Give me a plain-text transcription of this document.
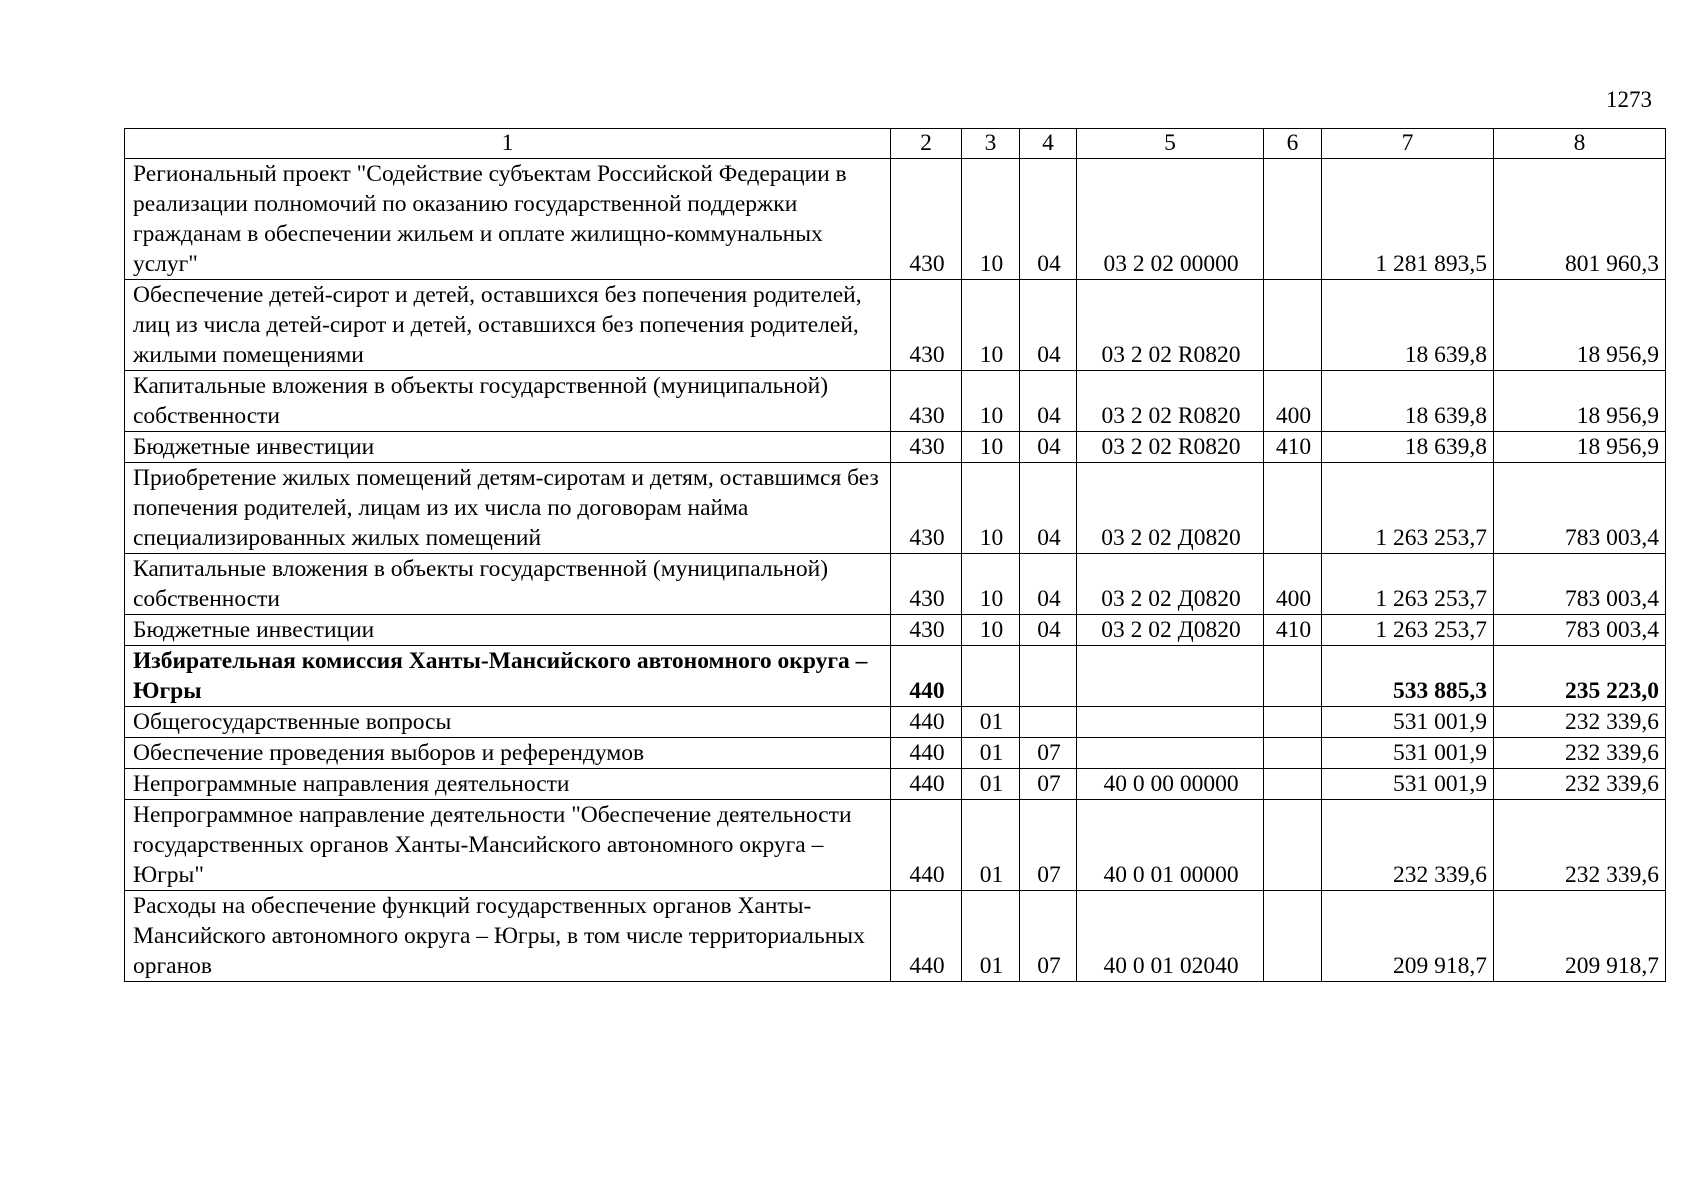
1273
1	2	3	4	5	6	7	8
Региональный проект "Содействие субъектам Российской Федерации в реализации полномочий по оказанию государственной поддержки гражданам в обеспечении жильем и оплате жилищно-коммунальных услуг"	430	10	04	03 2 02 00000		1 281 893,5	801 960,3
Обеспечение детей-сирот и детей, оставшихся без попечения родителей, лиц из числа детей-сирот и детей, оставшихся без попечения родителей, жилыми помещениями	430	10	04	03 2 02 R0820		18 639,8	18 956,9
Капитальные вложения в объекты государственной (муниципальной) собственности	430	10	04	03 2 02 R0820	400	18 639,8	18 956,9
Бюджетные инвестиции	430	10	04	03 2 02 R0820	410	18 639,8	18 956,9
Приобретение жилых помещений детям-сиротам и детям, оставшимся без попечения родителей, лицам из их числа по договорам найма специализированных жилых помещений	430	10	04	03 2 02 Д0820		1 263 253,7	783 003,4
Капитальные вложения в объекты государственной (муниципальной) собственности	430	10	04	03 2 02 Д0820	400	1 263 253,7	783 003,4
Бюджетные инвестиции	430	10	04	03 2 02 Д0820	410	1 263 253,7	783 003,4
Избирательная комиссия Ханты-Мансийского автономного округа – Югры	440					533 885,3	235 223,0
Общегосударственные вопросы	440	01				531 001,9	232 339,6
Обеспечение проведения выборов и референдумов	440	01	07			531 001,9	232 339,6
Непрограммные направления деятельности	440	01	07	40 0 00 00000		531 001,9	232 339,6
Непрограммное направление деятельности "Обеспечение деятельности государственных органов Ханты-Мансийского автономного округа – Югры"	440	01	07	40 0 01 00000		232 339,6	232 339,6
Расходы на обеспечение функций государственных органов Ханты-Мансийского автономного округа – Югры, в том числе территориальных органов	440	01	07	40 0 01 02040		209 918,7	209 918,7
